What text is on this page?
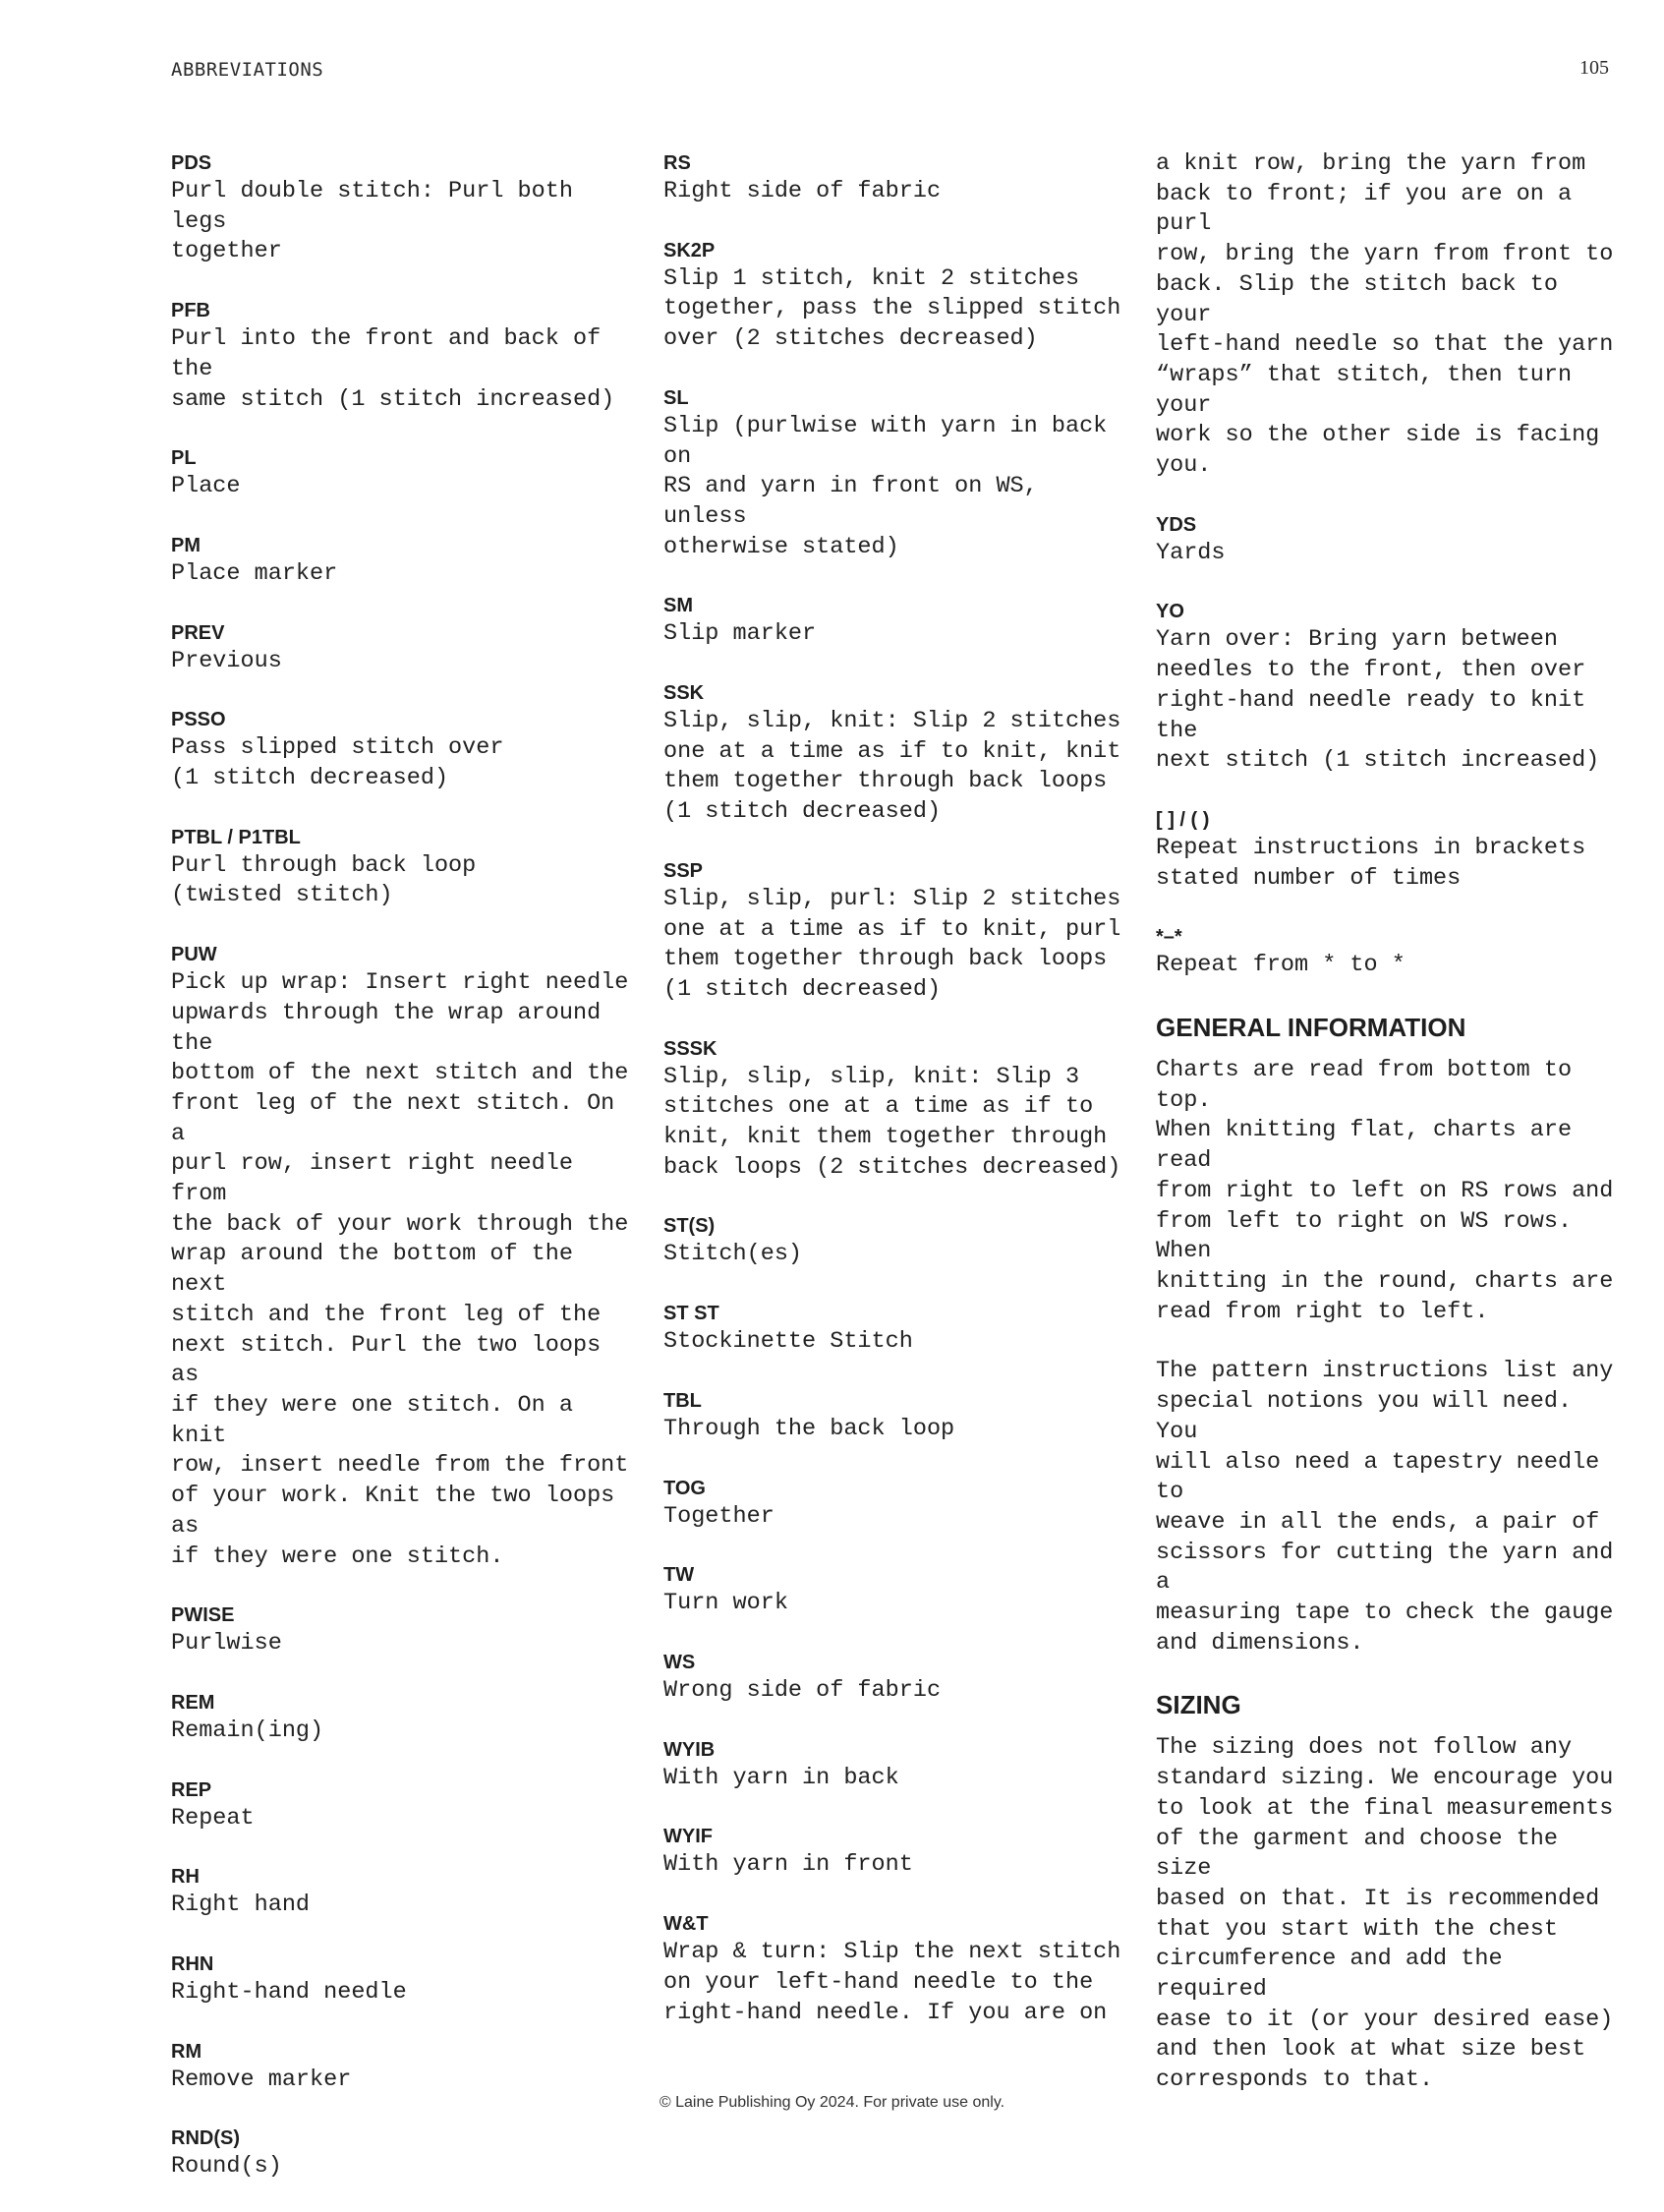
ABBREVIATIONS	105
PDS
Purl double stitch: Purl both legs
together
PFB
Purl into the front and back of the
same stitch (1 stitch increased)
PL
Place
PM
Place marker
PREV
Previous
PSSO
Pass slipped stitch over
(1 stitch decreased)
PTBL / P1TBL
Purl through back loop
(twisted stitch)
PUW
Pick up wrap: Insert right needle
upwards through the wrap around the
bottom of the next stitch and the
front leg of the next stitch. On a
purl row, insert right needle from
the back of your work through the
wrap around the bottom of the next
stitch and the front leg of the
next stitch. Purl the two loops as
if they were one stitch. On a knit
row, insert needle from the front
of your work. Knit the two loops as
if they were one stitch.
PWISE
Purlwise
REM
Remain(ing)
REP
Repeat
RH
Right hand
RHN
Right-hand needle
RM
Remove marker
RND(S)
Round(s)
RS
Right side of fabric
SK2P
Slip 1 stitch, knit 2 stitches
together, pass the slipped stitch
over (2 stitches decreased)
SL
Slip (purlwise with yarn in back on
RS and yarn in front on WS, unless
otherwise stated)
SM
Slip marker
SSK
Slip, slip, knit: Slip 2 stitches
one at a time as if to knit, knit
them together through back loops
(1 stitch decreased)
SSP
Slip, slip, purl: Slip 2 stitches
one at a time as if to knit, purl
them together through back loops
(1 stitch decreased)
SSSK
Slip, slip, slip, knit: Slip 3
stitches one at a time as if to
knit, knit them together through
back loops (2 stitches decreased)
ST(S)
Stitch(es)
ST ST
Stockinette Stitch
TBL
Through the back loop
TOG
Together
TW
Turn work
WS
Wrong side of fabric
WYIB
With yarn in back
WYIF
With yarn in front
W&T
Wrap & turn: Slip the next stitch
on your left-hand needle to the
right-hand needle. If you are on
a knit row, bring the yarn from
back to front; if you are on a purl
row, bring the yarn from front to
back. Slip the stitch back to your
left-hand needle so that the yarn
“wraps” that stitch, then turn your
work so the other side is facing
you.
YDS
Yards
YO
Yarn over: Bring yarn between
needles to the front, then over
right-hand needle ready to knit the
next stitch (1 stitch increased)
[ ] / ( )
Repeat instructions in brackets
stated number of times
*–*
Repeat from * to *
GENERAL INFORMATION
Charts are read from bottom to top.
When knitting flat, charts are read
from right to left on RS rows and
from left to right on WS rows. When
knitting in the round, charts are
read from right to left.
The pattern instructions list any
special notions you will need. You
will also need a tapestry needle to
weave in all the ends, a pair of
scissors for cutting the yarn and a
measuring tape to check the gauge
and dimensions.
SIZING
The sizing does not follow any
standard sizing. We encourage you
to look at the final measurements
of the garment and choose the size
based on that. It is recommended
that you start with the chest
circumference and add the required
ease to it (or your desired ease)
and then look at what size best
corresponds to that.
© Laine Publishing Oy 2024. For private use only.
